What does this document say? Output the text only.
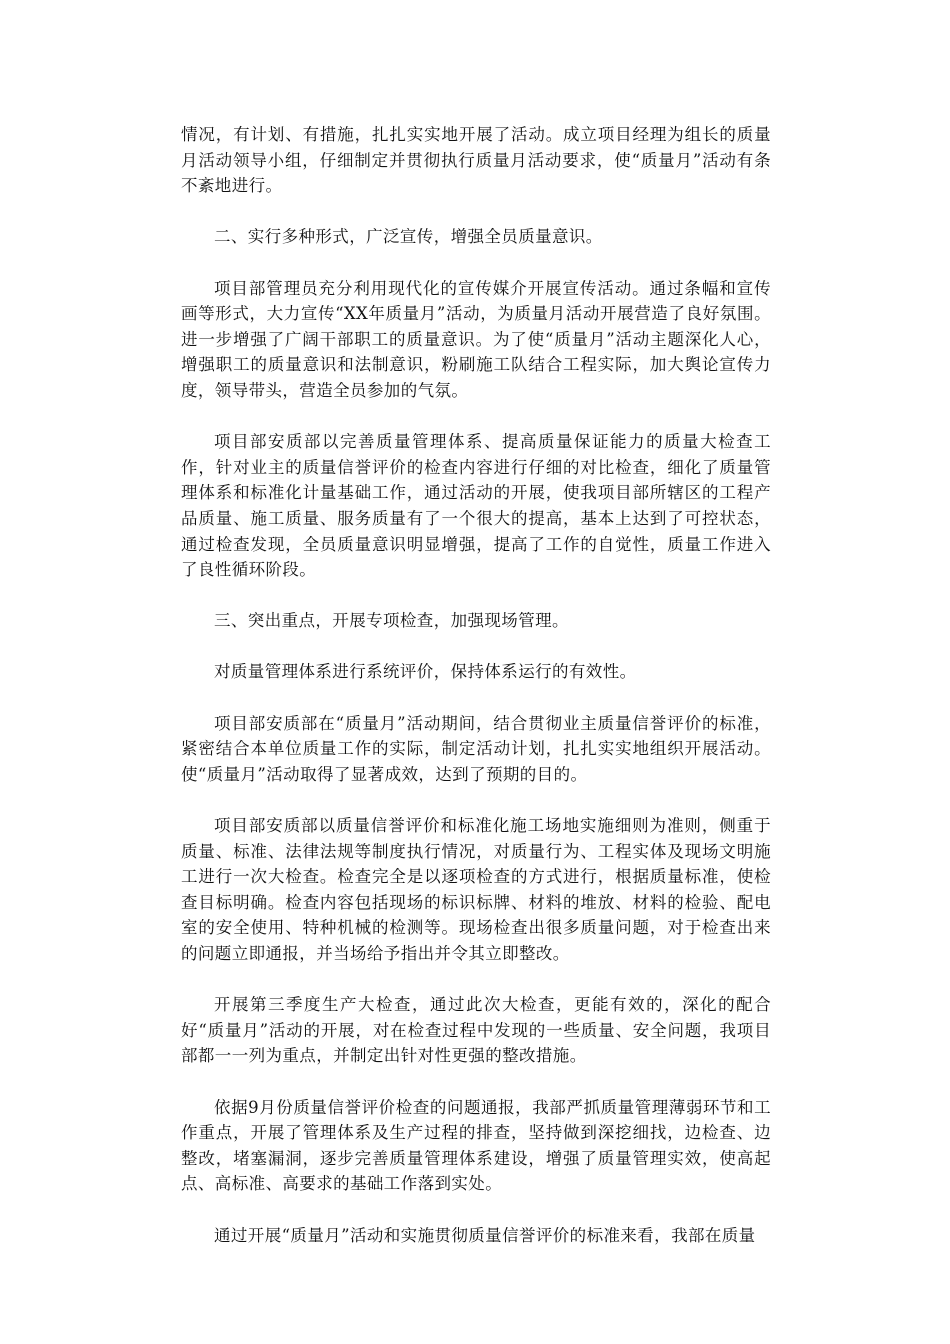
情况，有计划、有措施，扎扎实实地开展了活动。成立项目经理为组长的质量月活动领导小组，仔细制定并贯彻执行质量月活动要求，使“质量月”活动有条不紊地进行。

二、实行多种形式，广泛宣传，增强全员质量意识。

项目部管理员充分利用现代化的宣传媒介开展宣传活动。通过条幅和宣传画等形式，大力宣传“XX年质量月”活动，为质量月活动开展营造了良好氛围。进一步增强了广阔干部职工的质量意识。为了使“质量月”活动主题深化人心，增强职工的质量意识和法制意识，粉刷施工队结合工程实际，加大舆论宣传力度，领导带头，营造全员参加的气氛。

项目部安质部以完善质量管理体系、提高质量保证能力的质量大检查工作，针对业主的质量信誉评价的检查内容进行仔细的对比检查，细化了质量管理体系和标准化计量基础工作，通过活动的开展，使我项目部所辖区的工程产品质量、施工质量、服务质量有了一个很大的提高，基本上达到了可控状态，通过检查发现，全员质量意识明显增强，提高了工作的自觉性，质量工作进入了良性循环阶段。

三、突出重点，开展专项检查，加强现场管理。

对质量管理体系进行系统评价，保持体系运行的有效性。

项目部安质部在“质量月”活动期间，结合贯彻业主质量信誉评价的标准，紧密结合本单位质量工作的实际，制定活动计划，扎扎实实地组织开展活动。使“质量月”活动取得了显著成效，达到了预期的目的。

项目部安质部以质量信誉评价和标准化施工场地实施细则为准则，侧重于质量、标准、法律法规等制度执行情况，对质量行为、工程实体及现场文明施工进行一次大检查。检查完全是以逐项检查的方式进行，根据质量标准，使检查目标明确。检查内容包括现场的标识标牌、材料的堆放、材料的检验、配电室的安全使用、特种机械的检测等。现场检查出很多质量问题，对于检查出来的问题立即通报，并当场给予指出并令其立即整改。

开展第三季度生产大检查，通过此次大检查，更能有效的，深化的配合好“质量月”活动的开展，对在检查过程中发现的一些质量、安全问题，我项目部都一一列为重点，并制定出针对性更强的整改措施。

依据9月份质量信誉评价检查的问题通报，我部严抓质量管理薄弱环节和工作重点，开展了管理体系及生产过程的排查，坚持做到深挖细找，边检查、边整改，堵塞漏洞，逐步完善质量管理体系建设，增强了质量管理实效，使高起点、高标准、高要求的基础工作落到实处。

通过开展“质量月”活动和实施贯彻质量信誉评价的标准来看，我部在质量
